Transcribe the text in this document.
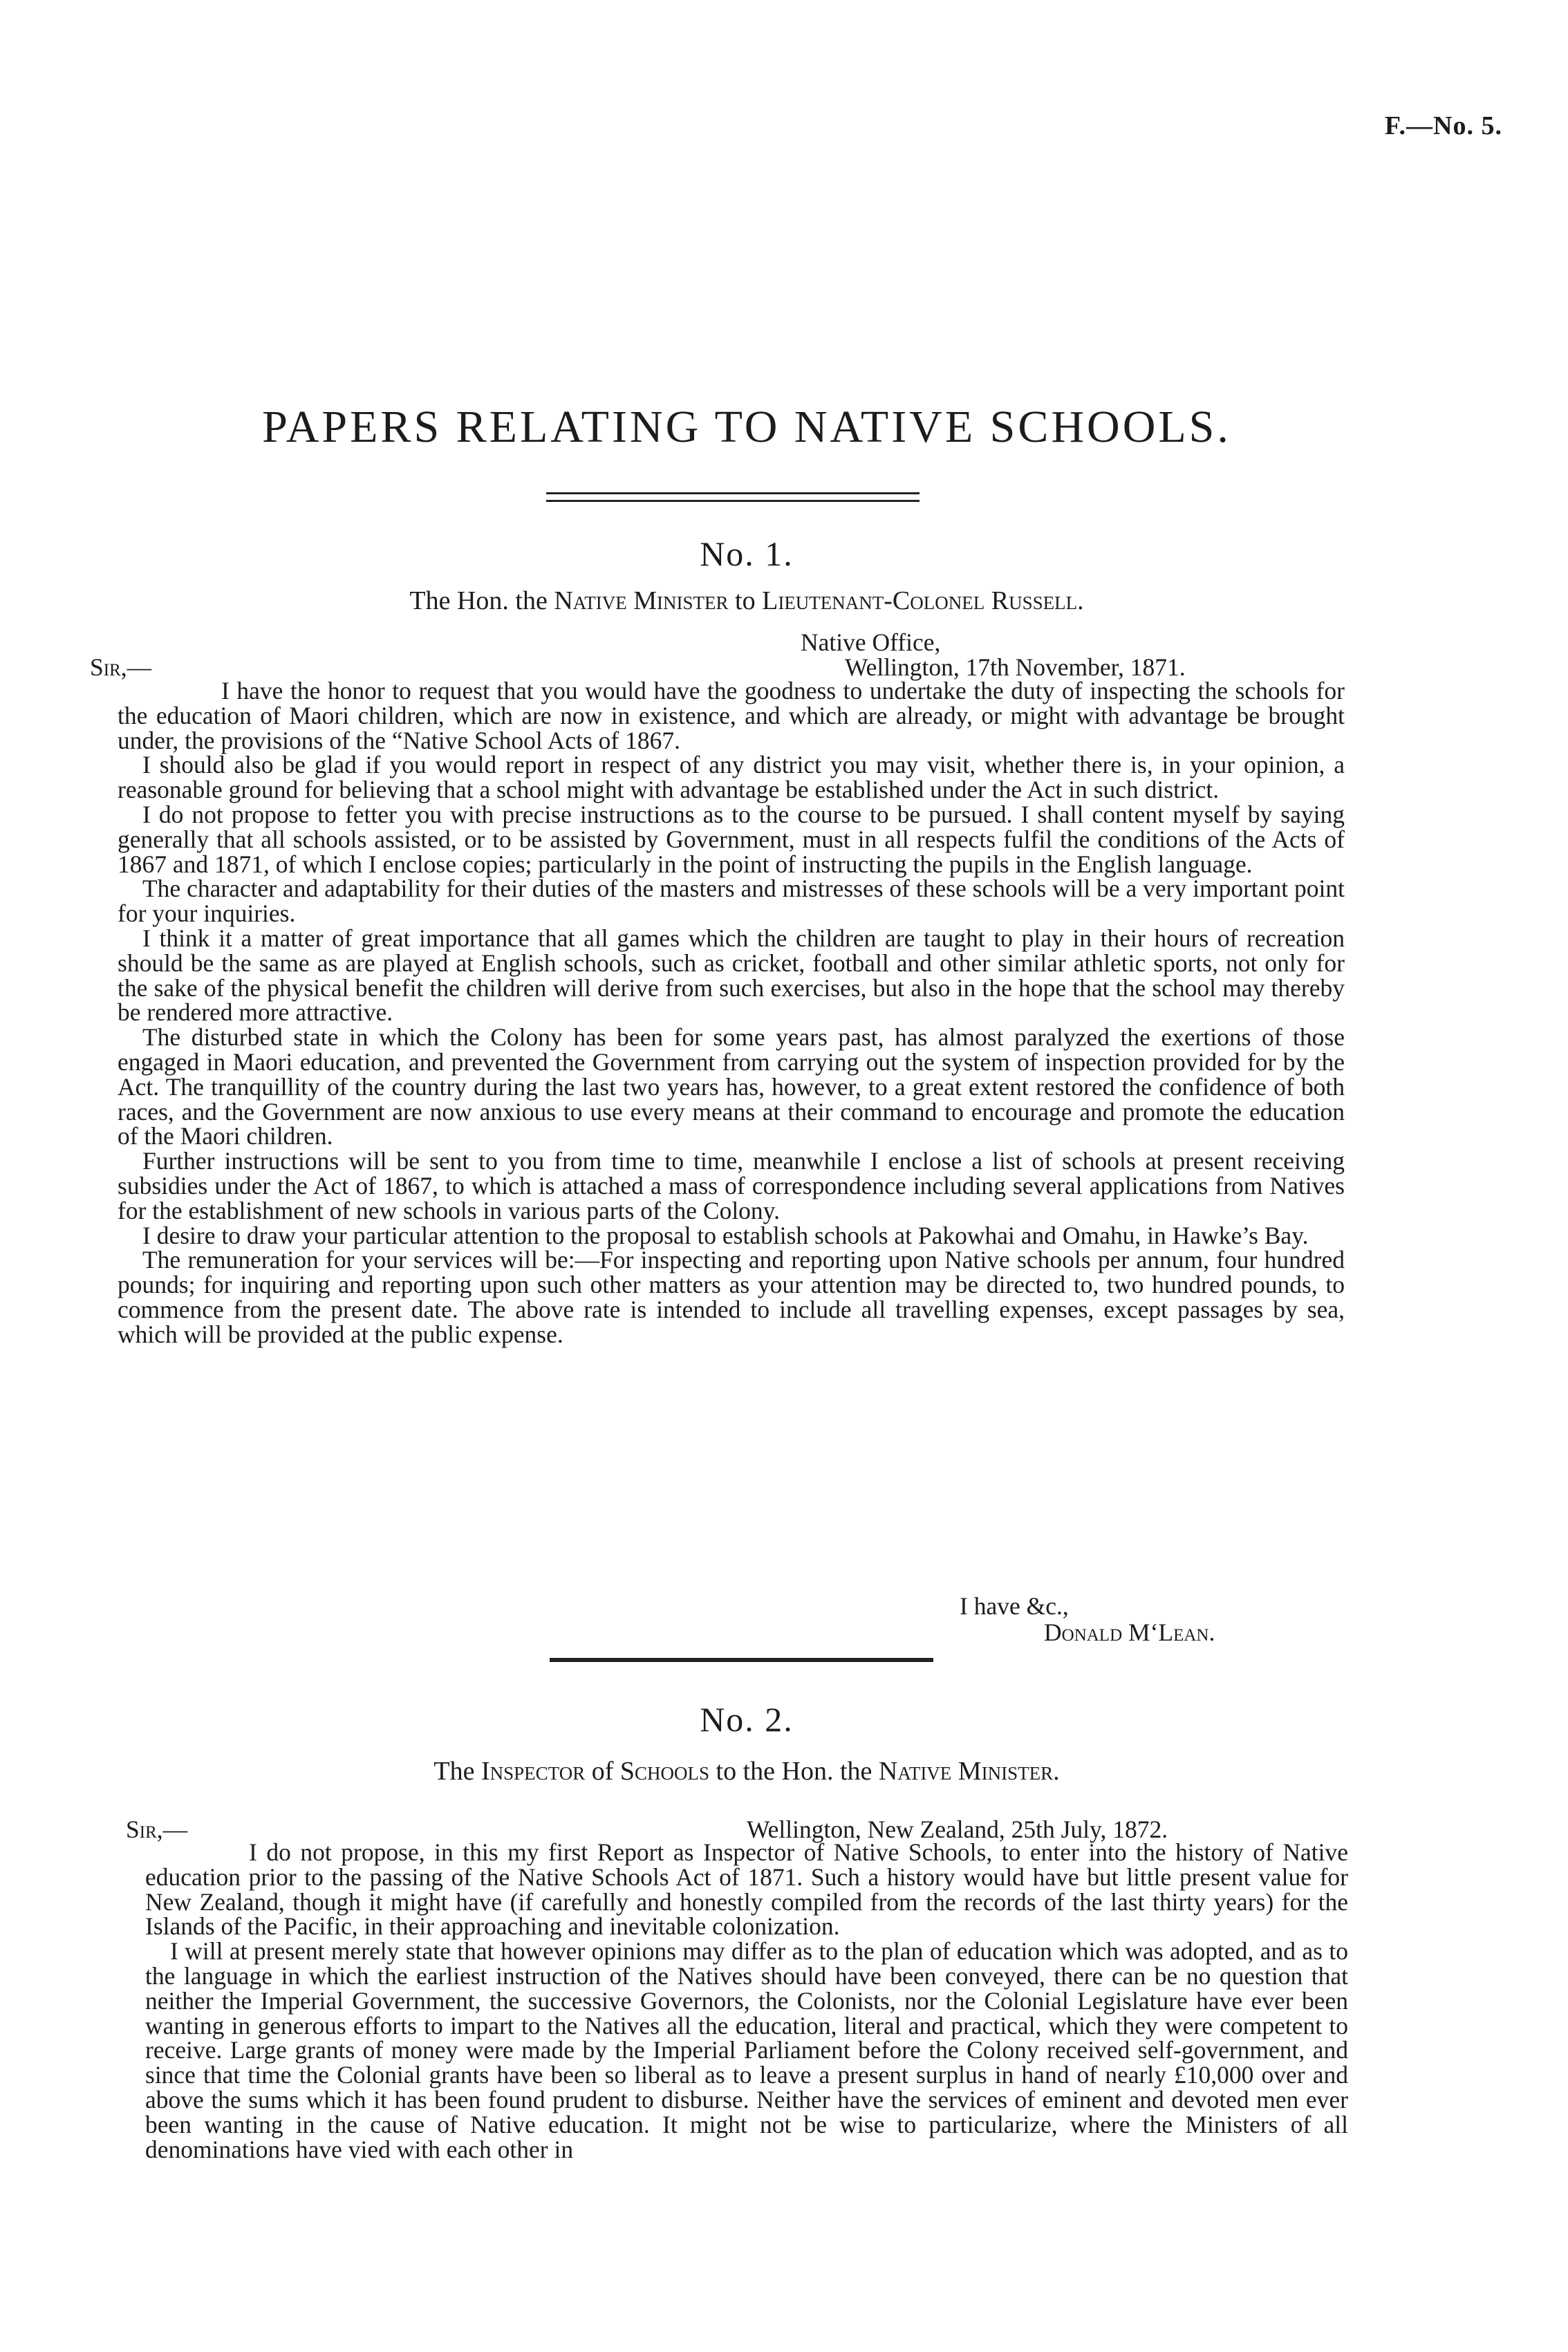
F.—No. 5.
PAPERS RELATING TO NATIVE SCHOOLS.
No. 1.
The Hon. the Native Minister to Lieutenant-Colonel Russell.
Native Office,
Wellington, 17th November, 1871.
Sir,—

I have the honor to request that you would have the goodness to undertake the duty of inspecting the schools for the education of Maori children, which are now in existence, and which are already, or might with advantage be brought under, the provisions of the “Native School Acts of 1867.

I should also be glad if you would report in respect of any district you may visit, whether there is, in your opinion, a reasonable ground for believing that a school might with advantage be established under the Act in such district.

I do not propose to fetter you with precise instructions as to the course to be pursued. I shall content myself by saying generally that all schools assisted, or to be assisted by Government, must in all respects fulfil the conditions of the Acts of 1867 and 1871, of which I enclose copies; particularly in the point of instructing the pupils in the English language.

The character and adaptability for their duties of the masters and mistresses of these schools will be a very important point for your inquiries.

I think it a matter of great importance that all games which the children are taught to play in their hours of recreation should be the same as are played at English schools, such as cricket, football and other similar athletic sports, not only for the sake of the physical benefit the children will derive from such exercises, but also in the hope that the school may thereby be rendered more attractive.

The disturbed state in which the Colony has been for some years past, has almost paralyzed the exertions of those engaged in Maori education, and prevented the Government from carrying out the system of inspection provided for by the Act. The tranquillity of the country during the last two years has, however, to a great extent restored the confidence of both races, and the Government are now anxious to use every means at their command to encourage and promote the education of the Maori children.

Further instructions will be sent to you from time to time, meanwhile I enclose a list of schools at present receiving subsidies under the Act of 1867, to which is attached a mass of correspondence including several applications from Natives for the establishment of new schools in various parts of the Colony.

I desire to draw your particular attention to the proposal to establish schools at Pakowhai and Omahu, in Hawke’s Bay.

The remuneration for your services will be:—For inspecting and reporting upon Native schools per annum, four hundred pounds; for inquiring and reporting upon such other matters as your attention may be directed to, two hundred pounds, to commence from the present date. The above rate is intended to include all travelling expenses, except passages by sea, which will be provided at the public expense.

I have &c.,
Donald M‘Lean.
No. 2.
The Inspector of Schools to the Hon. the Native Minister.
Wellington, New Zealand, 25th July, 1872.
Sir,—

I do not propose, in this my first Report as Inspector of Native Schools, to enter into the history of Native education prior to the passing of the Native Schools Act of 1871. Such a history would have but little present value for New Zealand, though it might have (if carefully and honestly compiled from the records of the last thirty years) for the Islands of the Pacific, in their approaching and inevitable colonization.

I will at present merely state that however opinions may differ as to the plan of education which was adopted, and as to the language in which the earliest instruction of the Natives should have been conveyed, there can be no question that neither the Imperial Government, the successive Governors, the Colonists, nor the Colonial Legislature have ever been wanting in generous efforts to impart to the Natives all the education, literal and practical, which they were competent to receive. Large grants of money were made by the Imperial Parliament before the Colony received self-government, and since that time the Colonial grants have been so liberal as to leave a present surplus in hand of nearly £10,000 over and above the sums which it has been found prudent to disburse. Neither have the services of eminent and devoted men ever been wanting in the cause of Native education. It might not be wise to particularize, where the Ministers of all denominations have vied with each other in
